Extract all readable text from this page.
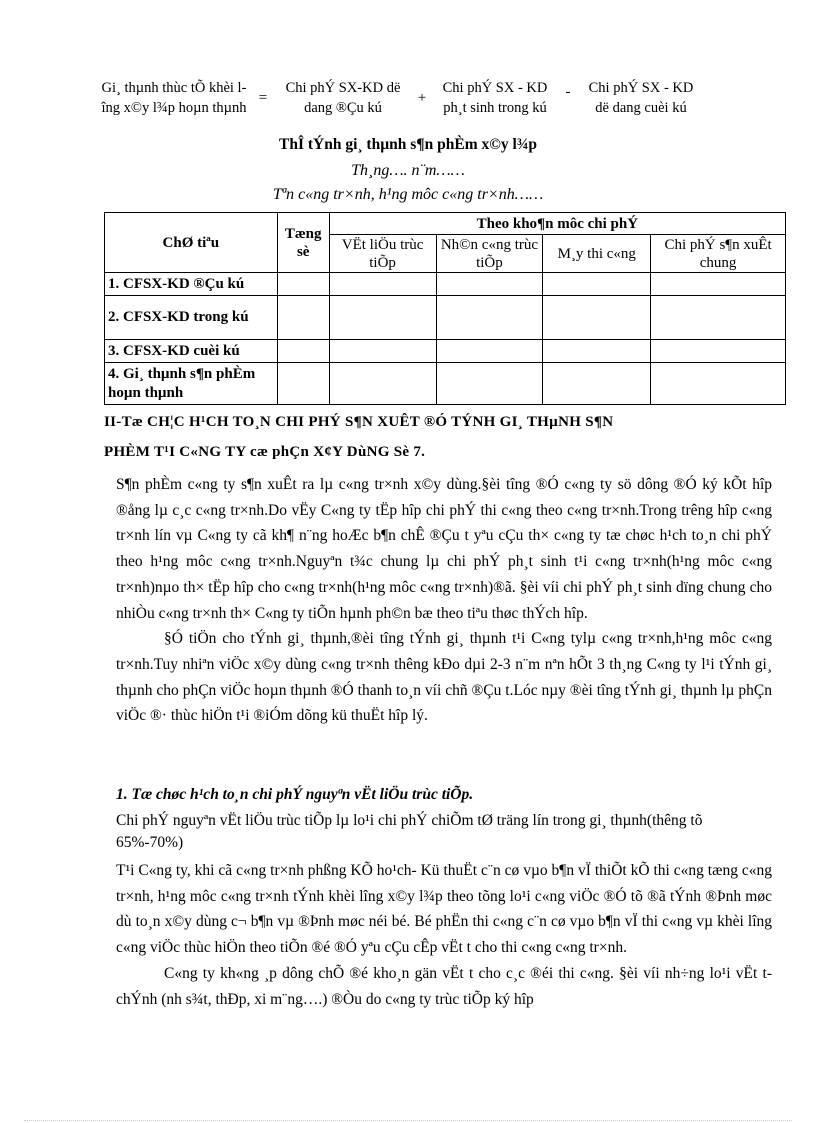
Gi¸ thµnh thùc tÕ khèi lîng x©y l¾p hoµn thµnh
=
Chi phÝ SX-KD dë dang ®Çu kú
+
Chi phÝ SX - KD ph¸t sinh trong kú
-	Chi phÝ SX - KD dë dang cuèi kú
ThÎ tÝnh gi¸ thµnh s¶n phÈm x©y l¾p
Th¸ng…. n¨m……
Tªn c«ng tr×nh, h¹ng môc c«ng tr×nh……
ChØ tiªu	Tæng sè	Theo kho¶n môc chi phÝ			
		VËt liÖu trùc tiÕp	Nh©n c«ng trùc tiÕp	M¸y thi c«ng	Chi phÝ s¶n xuÊt chung
1. CFSX-KD ®Çu kú					
2. CFSX-KD trong kú					
3. CFSX-KD cuèi kú					
4. Gi¸ thµnh s¶n phÈm hoµn thµnh					
II-Tæ CH¦C H¹CH TO¸N CHI PHÝ S¶N XUÊT ®Ó TÝNH GI¸ THµNH S¶N
PHÈM T¹I C«NG TY cæ phÇn X¢Y DùNG Sè 7.

S¶n phÈm c«ng ty s¶n xuÊt ra lµ c«ng tr×nh x©y dùng.§èi tîng ®Ó c«ng ty sö dông ®Ó ký kÕt hîp ®ång lµ c¸c c«ng tr×nh.Do vËy C«ng ty tËp hîp chi phÝ thi c«ng theo c«ng tr×nh.Trong trêng hîp c«ng tr×nh lín vµ C«ng ty cã kh¶ n¨ng hoÆc b¶n chÊ ®Çu t yªu cÇu th× c«ng ty tæ chøc h¹ch to¸n chi phÝ theo h¹ng môc c«ng tr×nh.Nguyªn t¾c chung lµ chi phÝ ph¸t sinh t¹i c«ng tr×nh(h¹ng môc c«ng tr×nh)nµo th× tËp hîp cho c«ng tr×nh(h¹ng môc c«ng tr×nh)®ã. §èi víi chi phÝ ph¸t sinh dïng chung cho nhiÒu c«ng tr×nh th× C«ng ty tiÕn hµnh ph©n bæ theo tiªu thøc thÝch hîp.

§Ó tiÖn cho tÝnh gi¸ thµnh,®èi tîng tÝnh gi¸ thµnh t¹i C«ng tylµ c«ng tr×nh,h¹ng môc c«ng tr×nh.Tuy nhiªn viÖc x©y dùng c«ng tr×nh thêng kÐo dµi 2-3 n¨m nªn hÕt 3 th¸ng C«ng ty l¹i tÝnh gi¸ thµnh cho phÇn viÖc hoµn thµnh ®Ó thanh to¸n víi chñ ®Çu t.Lóc nµy ®èi tîng tÝnh gi¸ thµnh lµ phÇn viÖc ®· thùc hiÖn t¹i ®iÓm dõng kü thuËt hîp lý.

1. Tæ chøc h¹ch to¸n chi phÝ nguyªn vËt liÖu trùc tiÕp.

Chi phÝ nguyªn vËt liÖu trùc tiÕp lµ lo¹i chi phÝ chiÕm tØ träng lín trong gi¸ thµnh(thêng tõ 65%-70%)

T¹i C«ng ty, khi cã c«ng tr×nh phßng KÕ ho¹ch- Kü thuËt c¨n cø vµo b¶n vÏ thiÕt kÕ thi c«ng tæng c«ng tr×nh, h¹ng môc c«ng tr×nh tÝnh khèi lîng x©y l¾p theo tõng lo¹i c«ng viÖc ®Ó tõ ®ã tÝnh ®Þnh møc dù to¸n x©y dùng c¬ b¶n vµ ®Þnh møc néi bé. Bé phËn thi c«ng c¨n cø vµo b¶n vÏ thi c«ng vµ khèi lîng c«ng viÖc thùc hiÖn theo tiÕn ®é ®Ó yªu cÇu cÊp vËt t cho thi c«ng c«ng tr×nh.

C«ng ty kh«ng ¸p dông chÕ ®é kho¸n gän vËt t cho c¸c ®éi thi c«ng. §èi víi nh÷ng lo¹i vËt t chÝnh (nh s¾t, thÐp, xi m¨ng….) ®Òu do c«ng ty trùc tiÕp ký hîp
